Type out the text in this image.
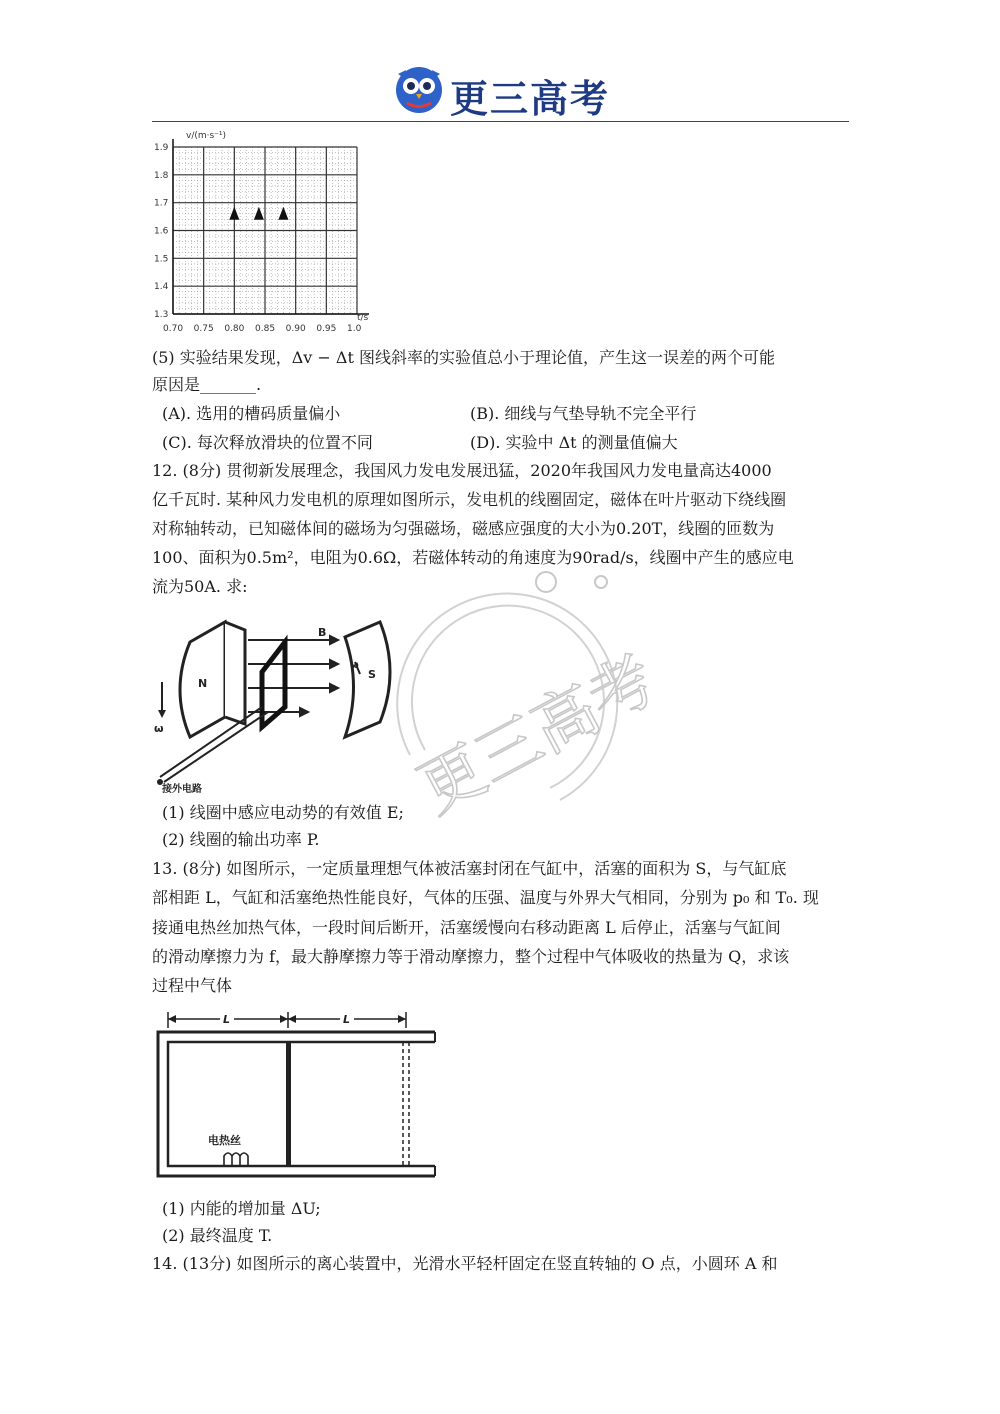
更三高考
v/(m·s⁻¹)
t/s
1.9
1.8
1.7
1.6
1.5
1.4
1.3
0.70 0.75 0.80 0.85 0.90 0.95 1.0
(5) 实验结果发现，Δv − Δt 图线斜率的实验值总小于理论值，产生这一误差的两个可能
原因是_______.
(A). 选用的槽码质量偏小	(B). 细线与气垫导轨不完全平行
(C). 每次释放滑块的位置不同	(D). 实验中 Δt 的测量值偏大
12. (8分) 贯彻新发展理念，我国风力发电发展迅猛，2020年我国风力发电量高达4000
亿千瓦时. 某种风力发电机的原理如图所示，发电机的线圈固定，磁体在叶片驱动下绕线圈
对称轴转动，已知磁体间的磁场为匀强磁场，磁感应强度的大小为0.20T，线圈的匝数为
100、面积为0.5m²，电阻为0.6Ω，若磁体转动的角速度为90rad/s，线圈中产生的感应电
流为50A. 求:
N
S
B
接外电路
ω
ω
(1) 线圈中感应电动势的有效值 E;
(2) 线圈的输出功率 P.
13. (8分) 如图所示，一定质量理想气体被活塞封闭在气缸中，活塞的面积为 S，与气缸底
部相距 L，气缸和活塞绝热性能良好，气体的压强、温度与外界大气相同，分别为 p₀ 和 T₀. 现
接通电热丝加热气体，一段时间后断开，活塞缓慢向右移动距离 L 后停止，活塞与气缸间
的滑动摩擦力为 f，最大静摩擦力等于滑动摩擦力，整个过程中气体吸收的热量为 Q，求该
过程中气体
L	L
电热丝
(1) 内能的增加量 ΔU;
(2) 最终温度 T.
14. (13分) 如图所示的离心装置中，光滑水平轻杆固定在竖直转轴的 O 点，小圆环 A 和
更三高考
